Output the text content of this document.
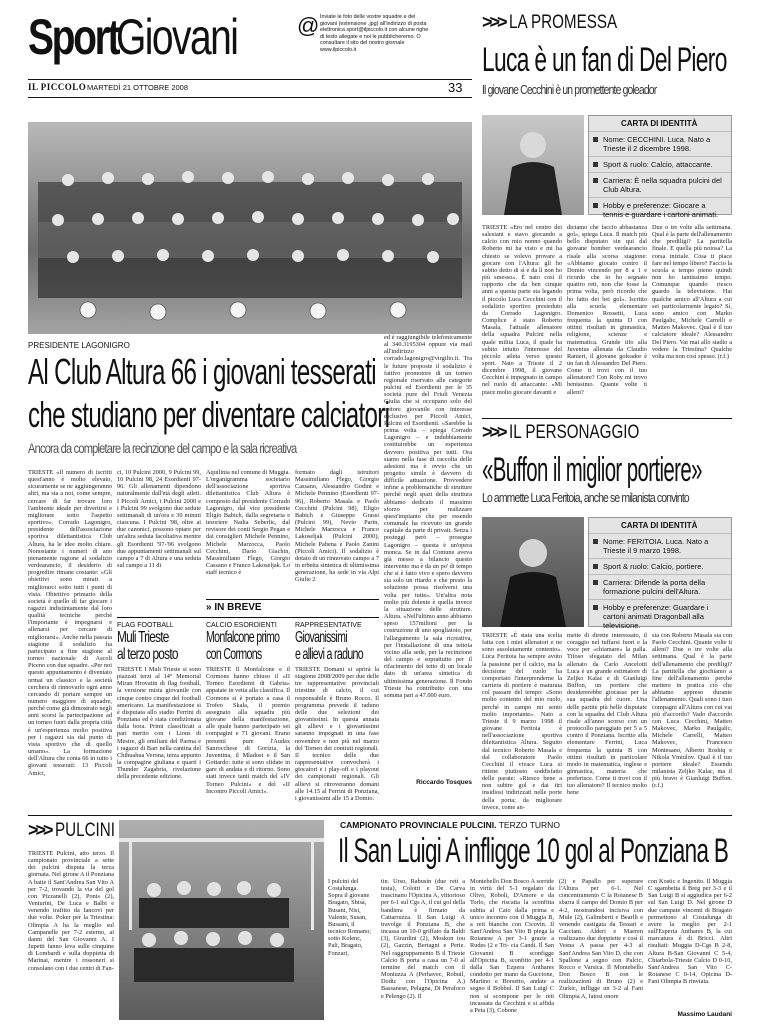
SportGiovani	@ Inviate le foto delle vostre squadre e dei giovani (estensione .jpg) all'indirizzo di posta elettronica sport@ilpiccolo.it con alcune righe di testo allegate e noi le pubblicheremo. O consultare il sito del nostro giornale www.ilpiccolo.it
IL PICCOLO MARTEDÌ 21 OTTOBRE 2008	33
>>> LA PROMESSA
Luca è un fan di Del Piero
Il giovane Cecchini è un promettente goleador
CARTA DI IDENTITÀ
Nome: CECCHINI. Luca. Nato a Trieste il 2 dicembre 1998.
Sport & ruolo: Calcio, attaccante.
Carriera: È nella squadra pulcini del Club Altura.
Hobby e preferenze: Giocare a tennis e guardare i cartoni animati.
TRIESTE «Ero nel centro dei salesiani e stavo giocando a calcio con mio nonno quando Roberto mi ha visto e mi ha chiesto se volevo provare a giocare con l'Altura: gli ho subito detto di sì e da lì non ho più smesso». È nato così il rapporto che da ben cinque anni a questa parte sta legando il piccolo Luca Cecchini con il sodalizio sportivo presieduto da Corrado Lagonigro. Complice è stato Roberto Masala, l'attuale allenatore della squadra Pulcini nella quale milita Luca, il quale ha subito intuito l'interesse del piccolo atleta verso questo sport. Nato a Trieste il 2 dicembre 1998, il giovane Cecchini è impegnato in campo nel ruolo di attaccante: «Mi piace molto giocare davanti e
diciamo che faccio abbastanza gol», spiega Luca. Il match più bello disputato sin qui dal giovane bomber verdearancio risale alla scorsa stagione: «Abbiamo giocato contro il Domio vincendo per 8 a 1 e ricordo che io ho segnato quattro reti, non che fosse la prima volta, però ricordo che ho fatto dei bei gol». Iscritto alla scuola elementare Domenico Rossetti, Luca frequenta la quinta D con ottimi risultati in ginnastica, religione, scienze e matematica. Grande tifo alla Juventus allenata da Claudio Ranieri, il giovane goleador è un fan di Alessandro Del Piero. Come ti trovi con il tuo allenatore? Con Roby mi trovo benissimo. Quante volte ti alleni?
Due o tre volte alla settimana. Qual è la parte dell'allenamento che prediligi? La partitella finale. E quella più noiosa? La corsa iniziale. Cosa ti piace fare nel tempo libero? Faccio la scuola a tempo pieno quindi non ho tantissimo tempo. Comunque quando riesco guardo la televisione. Hai qualche amico all'Altura a cui sei particolarmente legato? Sì, sono amico con Marko Paulgalic, Michele Carrelli e Matteo Makovec. Qual è il tuo calciatore ideale? Alessandro Del Piero. Vai mai allo stadio a vedere la Triestina? Qualche volta ma non così spesso. (r.f.)
PRESIDENTE LAGONIGRO
Al Club Altura 66 i giovani tesserati
che studiano per diventare calciatori
Ancora da completare la recinzione del campo e la sala ricreativa
TRIESTE «Il numero di iscritti quest'anno è molto elevato, sicuramente se ne aggiungeranno altri, ma sta a noi, come sempre, cercare di far trovare loro l'ambiente ideale per divertirsi e migliorare sotto l'aspetto sportivo». Corrado Lagonigro, presidente dell'associazione sportiva dilettantistica Club Altura, ha le idee molto chiare. Nonostante i numeri di ano pienamente ragione al sodalizio verdearancio, il desiderio di progredire rimane costante: «Gli obiettivi sono mirati a migliorarci sotto tutti i punti di vista. Obiettivo primario della società è quello di far giocare i ragazzi indistintamente dal loro qualità tecniche perché l'importante è impegnarsi e allenarsi per cercare di migliorarsi». Anche nella passata stagione il sodalizio ha partecipato a fine stagione al torneo nazionale di Ascoli Piceno con due squadre. «Per noi questo appuntamento è diventato ormai un classico e la società cerchera di rinnovarlo ogni anno cercando di portare sempre un numero maggiore di squadre, perché come già dimostrato negli anni scorsi la partecipazione ad un torneo fuori dalla propria città è un'esperienza molto positiva per i ragazzi sia dal punto di vista sportivo che di quello umano». La formazione dell'Altura che conta 66 in tutto i giovani tesserati: 13 Piccoli Amici,
ci, 10 Pulcini 2000, 9 Pulcini 99, 10 Pulcini 98, 24 Esordienti 97-96. Gli allenamenti dipendono naturalmente dall'età degli atleti. I Piccoli Amici, i Pulcini 2000 e i Pulcini 99 svolgono due sedute settimanali di un'ora e 30 minuti ciascuna. I Pulcini '98, oltre ai due canonici, possono optare per un'altra seduta facoltativa mentre gli Esordienti '97-'96 svolgono due appuntamenti settimanali sul campo a 7 di Altura e una seduta sul campo a 11 di
Aquilinia nel comune di Muggia. L'organigramma societario dell'associazione sportiva dilettantistica Club Altura è composto dal presidente Corrado Lagonigro, dal vice presidente Eligio Babich, dalla segretaria e tesoriere Nadia Seberlic, dal revisore dei conti Sergio Pegan e dai consiglieri Michele Pennino, Michele Marzocca, Paolo Cecchini, Dario Giachin, Massimiliano Flego, Giorgio Cassano e Franco Lakoseljak. Lo staff tecnico è
formato dagli istruttori Massimiliano Flego, Giorgio Cassano, Alessandro Godini e Michele Pennino (Esordienti 97-96), Roberto Masala e Paolo Cecchini (Pulcini 98), Eligio Babich e Giuseppe Grassi (Pulcini 99), Nevio Parin, Michele Marzocca e Franco Lakoseljak (Pulcini 2000), Michele Pabena e Paolo Zanini (Piccoli Amici). Il sodalizio è dotato di un rinnovato campo a 7 in erbetta sintetica di ultimissima generazione, ha sede in via Alpi Giulie 2
ed è raggiungibile telefonicamente al 340.3195304 oppure via mail all'indirizzo corrado.lagonigro@virgilio.it. Tra le future proposte il sodalizio è fattivo promotore di un torneo regionale riservato alle categorie pulcini ed Esordienti per le 35 società pure del Friuli Venezia Giulia che si occupano solo del settore giovanile con interesse esclusivo per Piccoli Amici, Pulcini ed Esordienti. «Sarebbe la prima volta – spiega Corrado Lagonigro – e indubbiamente costituirebbe un esperienza davvero positiva per tutti. Ora siamo nella fase di raccolta delle adesioni ma è ovvio che un progetto simile è davvero di difficile attuazione. Provvedere infine a problematiche di strutture perché negli spazi della struttura abbiamo dedicato il massimo sforzo per realizzare quest'impianto che per essendo comunale ha ricevuto un grande capitale da parte di privati. Senza i posteggi però – prosegue Lagonigro – questa è un'opera monca. Se in dal Comune aveva già messo a bilancio questo intervento ma è da un po' di tempo che si è fatto vivo e spero davvero sia solo un ritardo e che presto la soluzione possa risolversi una volta per tutte». Un'altra nota molto più dolente è quella invece la situazione delle strutture. Altura. «Nell'ultimo anno abbiamo speso 157milioni per la costruzione di uno spogliatoio, per l'allargamento la sala ricreativa, per l'installazione di una tettoia vicino alla sede, per la recinzione del campo e soprattutto per il rifacimento del tetto di un locale dato di un'area sintetica di ultimissima generazione. Il Fondo Trieste ha contribuito con una somma pari a 47.000 euro.
Riccardo Tosques
» IN BREVE
FLAG FOOTBALL
Muli Trieste
al terzo posto
TRIESTE I Muli Trieste si sono piazzati terzi al 14° Memorial Miran Hrovatin di flag football, la versione mista giovanile con cinque contro cinque del football americano. La manifestazione si è disputata allo stadio Ferrini di Ponziana ed è stata condizionata dalla bora. Primi classificati a pari merito con i Lions di Mestre, gli emiliani del Parma e i ragazzi di Bari nella cantina del Chihuahua Verona, terza appunto la compagine giuliana e quarti i Thunder Zagabria, rivelazione della precedente edizione.
CALCIO ESORDIENTI
Monfalcone primo
con Cormons
TRIESTE Il Monfalcone e il Cormons hanno chiuso il «II Torneo Esordienti di Gabria» appaiate in vetta alla classifica. Il Cormons si è portato a casa il Trofeo Skala, il premio assegnato alla squadra più giovane della manifestazione, alle quale hanno partecipato sei compagini e 71 giovani. Erano presenti pure l'Audax Sanrocchese di Gorizia, la Juventina, il Mladost e il San Gottardo: tutte si sono sfidate in gare di andata e di ritorno. Sono stati invece tanti match del «IV Torneo Pulcini» e del «II Incontro Piccoli Amici».
RAPPRESENTATIVE
Giovanissimi
e allievi a raduno
TRIESTE Domani si aprirà la stagione 2008/2009 per due delle tre rappresentative provinciali triestine di calcio, il cui responsabile è Bruno Rocco. Il programma prevede il raduno delle due selezioni dei giovanissimi. In questa annata gli allievi e i giovanissimi saranno impegnati in una fase novembre e non più nel marzo del Torneo dei contiuti regionali. Il tecnico delle due rappresentative convocherà i giocatori e i play-off e i playout dei campionati regionali. Gli allievi si ritroveranno domani alle 14.15 al Ferrini di Ponziana, i giovanissimi alle 15 a Domio.
>>> IL PERSONAGGIO
«Buffon il miglior portiere»
Lo ammette Luca Feritoia, anche se milanista convinto
CARTA DI IDENTITÀ
Nome: FERITOIA. Luca. Nato a Trieste il 9 marzo 1998.
Sport & ruolo: Calcio, portiere.
Carriera: Difende la porta della formazione pulcini dell'Altura.
Hobby e preferenze: Guardare i cartoni animati Dragonball alla televisione.
TRIESTE «È stata una scelta fatta con i miei allenatori e ne sono assolutamente contento». Luca Feritoia ha sempre avuto la passione per il calcio, ma la decisione del ruolo ha comportato l'interprenderne la carriera di portiere è maturata col passare del tempo: «Sono molto contento del mio ruolo, perché in campo mi sento molto importante». Nato a Trieste il 9 marzo 1998 il giovane Feritoia è nell'associazione sportiva dilettantistica Altura. Seguito dal tecnico Roberto Masala e dal collaboratore Paolo Cecchini il vivace Luca si ritiene piuttosto soddisfatto delle parate: «Riesco bene a non subire gol e dai tiri insidiosi indirizzati nelle porte della porta; da migliorare invece, come an-
mette di dirette interessato, il coraggio nel tuffarsi fuori e la voce per «chiamare» la palla. Tifoso sfegatato del Milan allenato da Carlo Ancelotti Luca è un grande estimatore di Zeljko Kalac e di Gianluigi Buffon, un portiere che desidererebbe giocasse per la sua squadra del cuore. Una delle partite più belle disputate con la squadra del Club Altura risale all'anno scorso con un protocollo pareggiato per 5 a 5 contro il Ponziana. Iscritto alla elementare Ferrini, Luca frequenta la quinta B con ottimi risultati in particolare modo in matematica, inglese e ginnastica, materia che preferisce. Come ti trovi con il tuo allenatore? Il tecnico molto bene
sia con Roberto Masala sia con Paolo Cecchini. Quante volte ti alleni? Due o tre volte alla settimana. Qual è la parte dell'allenamento che prediligi? La partitella che giochiamo a fine dell'allenamento perché mettere in pratica ciò che abbiamo appreso durante l'allenamento. Quali sono i tuoi compagni all'Altura con cui vai più d'accordo? Vado d'accordo con Luca Cecchini, Matteo Makovec, Marko Paulgalic, Michele Carrelli, Matteo Makovec, Francesco Montesano, Alberto Itoshiq e Nikola Vmiulov. Qual è il tuo portiere ideale? Essendo milanista Zeljko Kalac, ma il più bravo è Gianluigi Buffon. (r.f.)
>>> PULCINI	CAMPIONATO PROVINCIALE PULCINI. TERZO TURNO
Il San Luigi A infligge 10 gol al Ponziana B
I pulcini del Costalunga. Sopra il giovane Bragato, Sbisà, Busani, Nisi, Valente, Susan, Bussani, il tecnico Romano; sotto Kolenc, Pali, Bragato, Fonzari,
TRIESTE Pulcini, atto terzo. Il campionato provinciale a sette dei pulcini disputa la terza giornata. Nel girone A il Ponziana A batte il Sant'Andrea San Vito A per 7-2, trovando la via del gol con Pizzanelli (2), Ponis (2), Venturini, De Luca e Balbi e venendo trafitto da Iancovi per due volte. Poker per la Triestina: Olimpia A ha la meglio sul Campanelle per 7-2 esterno, ai danni del San Giovanni A. I Jupetti fanno leva sulle cinquine di Lombardi e sulla doppietta di Marinai, mentre i rossoneri si consolano con i due centri di Fan-
tin. Urso, Rabusin (due reti a testa), Colotti e De Carva trascinano l'Opicina A, vittorioso per 6-1 sul Cgs A, il cui gol della bandiera è firmato da Cattarruzza. Il San Luigi A travolge il Ponziana B, che incassa un 10-0 griffato da Baldi (3), Girardini (2), Moskon tou (2), Gazzin, Bertagni e Perie. Nel raggruppamento B il Trieste Calcio B porta a casa un 7-0 al termine del match con il Montuzza A (Perhavec, Robuil, Dodic con l'Opicina A.) Bassanese, Pelagna, Di Perafoco e Pelengo (2). Il
Montebello Don Bosco A sorride in virtù del 5-1 regalato da Olivo, Roboli, D'Amore e da Torlo, che riscatta la sconfitta subita al Caio dalla prima e unico incontro con il Muggia B, a reti bianche con Cicovin. Il Sant'Andrea San Vito B piega la Roianese A per 3-1 grazie a Rudes (2 e Tri- cia Candi. Il San Giovanni B sconfigge all'Opicina B, sconfitto per 4-1 dalla San Ezpera Anthares condotto per mano da Guccione, Martino e Borsetto, andate a segno il Bobbul. Il San Luigi C non si scompone per le reti incassata da Cecchini e si affida a Peta (3), Cobone
(2) e Papallo per superare l'Altura per 6-1. Nel concentramento C la Roianese B sbarra il campo del Domio B per 4-2, mostrandosi incisiva con Mule (2), Galimberti e Bearlli e venendo castigata da Tessari e Cacciani. Alderi e Maeren realizzano due doppiette e così il Vesna A passa per 4-3 al Sant'Andrea San Vito D, che con Spallone a segno con Palcic, Rocco e Varsica. Il Montebello Don Bosco B con le realizzazioni di Bruno (2) e Zurkic, infligge un 3-2 al Fani Olimpia A, fatosi onore
con Kostic e Ingenito. Il Muggia C sgambetta il Breg per 3-3 e il San Luigi B si aggiudica per 6-2 sul San Luigi D. Nel girone D due campate vincenti di Bragato permettono al Costalunga di avere la meglio per 2-1 sull'Esperia Anthares B, la cui marcatura è di Bricci. Altri risultati: Muggia D-Cgs B 2-8, Altura B-San Giovanni C 5-4, Chiarbola-Trieste Calcio D 0-10, Sant'Andrea San Vito C-Roianese C 0-14, Opicina D-Fani Olimpia B rinviata.
Massimo Laudani
